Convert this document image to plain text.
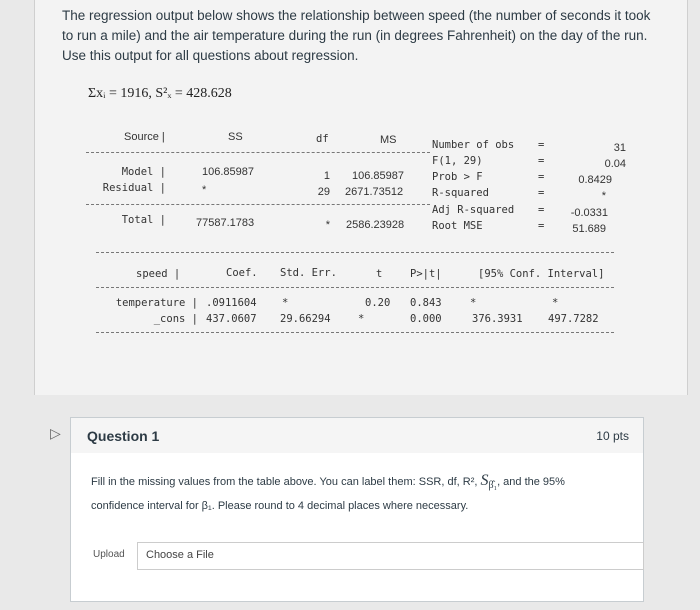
The regression output below shows the relationship between speed (the number of seconds it took to run a mile) and the air temperature during the run (in degrees Fahrenheit) on the day of the run. Use this output for all questions about regression.
Σxᵢ = 1916, S²ₓ = 428.628
Source |	SS	df	MS
Model |	106.85987	1 106.85987
Residual |	*	29 2671.73512
Total |	77587.1783	* 2586.23928
Number of obs =	31
F(1, 29)	=	0.04
Prob > F	=	0.8429
R-squared	=	*
Adj R-squared =	-0.0331
Root MSE	=	51.689
speed |	Coef. Std. Err.	t	P>|t|	[95% Conf. Interval]
temperature | .0911604 *	0.20 0.843	*	*
_cons | 437.0607 29.66294	*	0.000	376.3931 497.7282
▷ Question 1	10 pts
Fill in the missing values from the table above. You can label them: SSR, df, R², $S_{\betâ_1}$, and the 95% confidence interval for β₁. Please round to 4 decimal places where necessary.
Upload Choose a File
